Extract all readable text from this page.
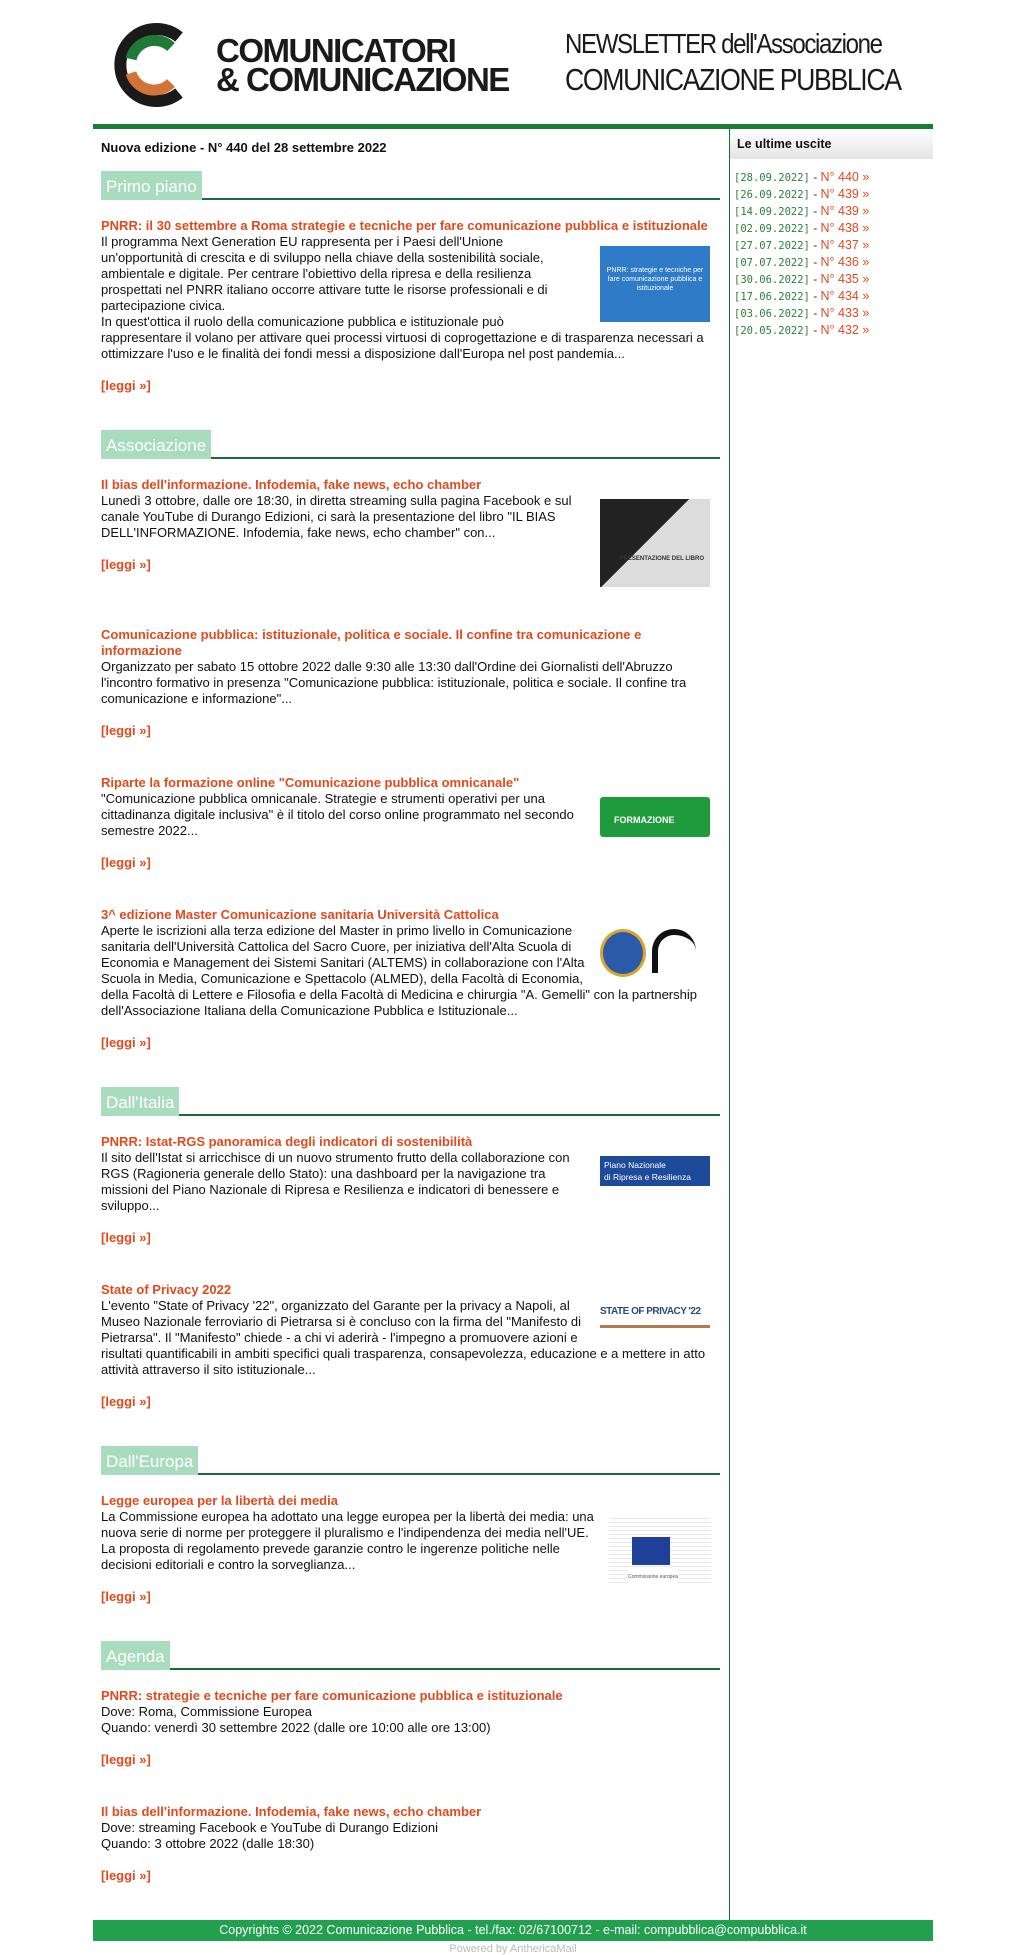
COMUNICATORI
& COMUNICAZIONE
NEWSLETTER dell'Associazione
COMUNICAZIONE PUBBLICA
Nuova edizione - N° 440 del 28 settembre 2022
Primo piano
PNRR: il 30 settembre a Roma strategie e tecniche per fare comunicazione pubblica e istituzionale
PNRR: strategie e tecniche per fare comunicazione pubblica e istituzionale
Il programma Next Generation EU rappresenta per i Paesi dell'Unione un'opportunità di crescita e di sviluppo nella chiave della sostenibilità sociale, ambientale e digitale. Per centrare l'obiettivo della ripresa e della resilienza prospettati nel PNRR italiano occorre attivare tutte le risorse professionali e di partecipazione civica.
In quest'ottica il ruolo della comunicazione pubblica e istituzionale può rappresentare il volano per attivare quei processi virtuosi di coprogettazione e di trasparenza necessari a ottimizzare l'uso e le finalità dei fondi messi a disposizione dall'Europa nel post pandemia...
[leggi »]
Associazione
Il bias dell'informazione. Infodemia, fake news, echo chamber
PRESENTAZIONE DEL LIBRO
Lunedì 3 ottobre, dalle ore 18:30, in diretta streaming sulla pagina Facebook e sul canale YouTube di Durango Edizioni, ci sarà la presentazione del libro "IL BIAS DELL'INFORMAZIONE. Infodemia, fake news, echo chamber" con...
[leggi »]
Comunicazione pubblica: istituzionale, politica e sociale. Il confine tra comunicazione e informazione
Organizzato per sabato 15 ottobre 2022 dalle 9:30 alle 13:30 dall'Ordine dei Giornalisti dell'Abruzzo l'incontro formativo in presenza "Comunicazione pubblica: istituzionale, politica e sociale. Il confine tra comunicazione e informazione"...
[leggi »]
Riparte la formazione online "Comunicazione pubblica omnicanale"
FORMAZIONE
"Comunicazione pubblica omnicanale. Strategie e strumenti operativi per una cittadinanza digitale inclusiva" è il titolo del corso online programmato nel secondo semestre 2022...
[leggi »]
3^ edizione Master Comunicazione sanitaria Università Cattolica
Aperte le iscrizioni alla terza edizione del Master in primo livello in Comunicazione sanitaria dell'Università Cattolica del Sacro Cuore, per iniziativa dell'Alta Scuola di Economia e Management dei Sistemi Sanitari (ALTEMS) in collaborazione con l'Alta Scuola in Media, Comunicazione e Spettacolo (ALMED), della Facoltà di Economia, della Facoltà di Lettere e Filosofia e della Facoltà di Medicina e chirurgia "A. Gemelli" con la partnership dell'Associazione Italiana della Comunicazione Pubblica e Istituzionale...
[leggi »]
Dall'Italia
PNRR: Istat-RGS panoramica degli indicatori di sostenibilità
Piano Nazionale
di Ripresa e Resilienza
Il sito dell'Istat si arricchisce di un nuovo strumento frutto della collaborazione con RGS (Ragioneria generale dello Stato): una dashboard per la navigazione tra missioni del Piano Nazionale di Ripresa e Resilienza e indicatori di benessere e sviluppo...
[leggi »]
State of Privacy 2022
STATE OF PRIVACY '22
L'evento "State of Privacy '22", organizzato del Garante per la privacy a Napoli, al Museo Nazionale ferroviario di Pietrarsa si è concluso con la firma del "Manifesto di Pietrarsa". Il "Manifesto" chiede - a chi vi aderirà - l'impegno a promuovere azioni e risultati quantificabili in ambiti specifici quali trasparenza, consapevolezza, educazione e a mettere in atto attività attraverso il sito istituzionale...
[leggi »]
Dall'Europa
Legge europea per la libertà dei media
Commissione europea
La Commissione europea ha adottato una legge europea per la libertà dei media: una nuova serie di norme per proteggere il pluralismo e l'indipendenza dei media nell'UE. La proposta di regolamento prevede garanzie contro le ingerenze politiche nelle decisioni editoriali e contro la sorveglianza...
[leggi »]
Agenda
PNRR: strategie e tecniche per fare comunicazione pubblica e istituzionale
Dove: Roma, Commissione Europea
Quando: venerdì 30 settembre 2022 (dalle ore 10:00 alle ore 13:00)
[leggi »]
Il bias dell'informazione. Infodemia, fake news, echo chamber
Dove: streaming Facebook e YouTube di Durango Edizioni
Quando: 3 ottobre 2022 (dalle 18:30)
[leggi »]
Le ultime uscite
[28.09.2022] - N° 440 »
[26.09.2022] - N° 439 »
[14.09.2022] - N° 439 »
[02.09.2022] - N° 438 »
[27.07.2022] - N° 437 »
[07.07.2022] - N° 436 »
[30.06.2022] - N° 435 »
[17.06.2022] - N° 434 »
[03.06.2022] - N° 433 »
[20.05.2022] - N° 432 »
Copyrights © 2022 Comunicazione Pubblica - tel./fax: 02/67100712 - e-mail: compubblica@compubblica.it
Powered by AnthericaMail
